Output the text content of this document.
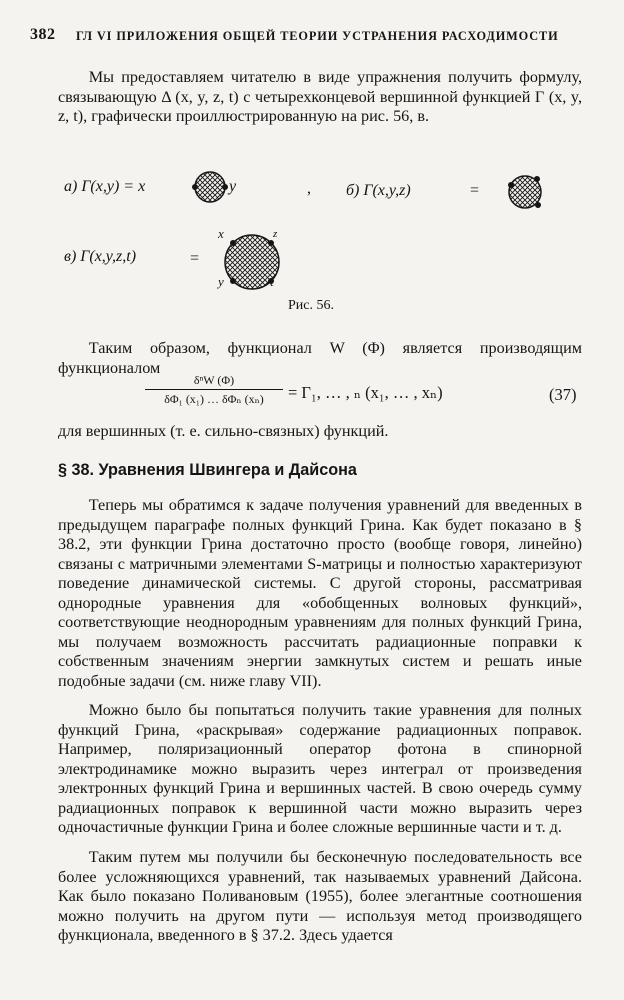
382 ГЛ VI ПРИЛОЖЕНИЯ ОБЩЕЙ ТЕОРИИ УСТРАНЕНИЯ РАСХОДИМОСТИ
Мы предоставляем читателю в виде упражнения получить формулу, связывающую Δ (x, y, z, t) с четырехконцевой вершинной функцией Γ (x, y, z, t), графически проиллюстрированную на рис. 56, в.
а) Γ(x,y) = x	y	, б) Γ(x,y,z)	=
в) Γ(x,y,z,t)	=
x	z
y	t
Рис. 56.
Таким образом, функционал W (Φ) является производящим функционалом
δⁿW (Φ)
δΦ₁ (x₁) … δΦₙ (xₙ)	= Γ₁, … , ₙ (x₁, … , xₙ)	(37)
для вершинных (т. е. сильно-связных) функций.
§ 38. Уравнения Швингера и Дайсона
Теперь мы обратимся к задаче получения уравнений для введенных в предыдущем параграфе полных функций Грина. Как будет показано в § 38.2, эти функции Грина достаточно просто (вообще говоря, линейно) связаны с матричными элементами S-матрицы и полностью характеризуют поведение динамической системы. С другой стороны, рассматривая однородные уравнения для «обобщенных волновых функций», соответствующие неоднородным уравнениям для полных функций Грина, мы получаем возможность рассчитать радиационные поправки к собственным значениям энергии замкнутых систем и решать иные подобные задачи (см. ниже главу VII).
Можно было бы попытаться получить такие уравнения для полных функций Грина, «раскрывая» содержание радиационных поправок. Например, поляризационный оператор фотона в спинорной электродинамике можно выразить через интеграл от произведения электронных функций Грина и вершинных частей. В свою очередь сумму радиационных поправок к вершинной части можно выразить через одночастичные функции Грина и более сложные вершинные части и т. д.
Таким путем мы получили бы бесконечную последовательность все более усложняющихся уравнений, так называемых уравнений Дайсона. Как было показано Поливановым (1955), более элегантные соотношения можно получить на другом пути — используя метод производящего функционала, введенного в § 37.2. Здесь удается
